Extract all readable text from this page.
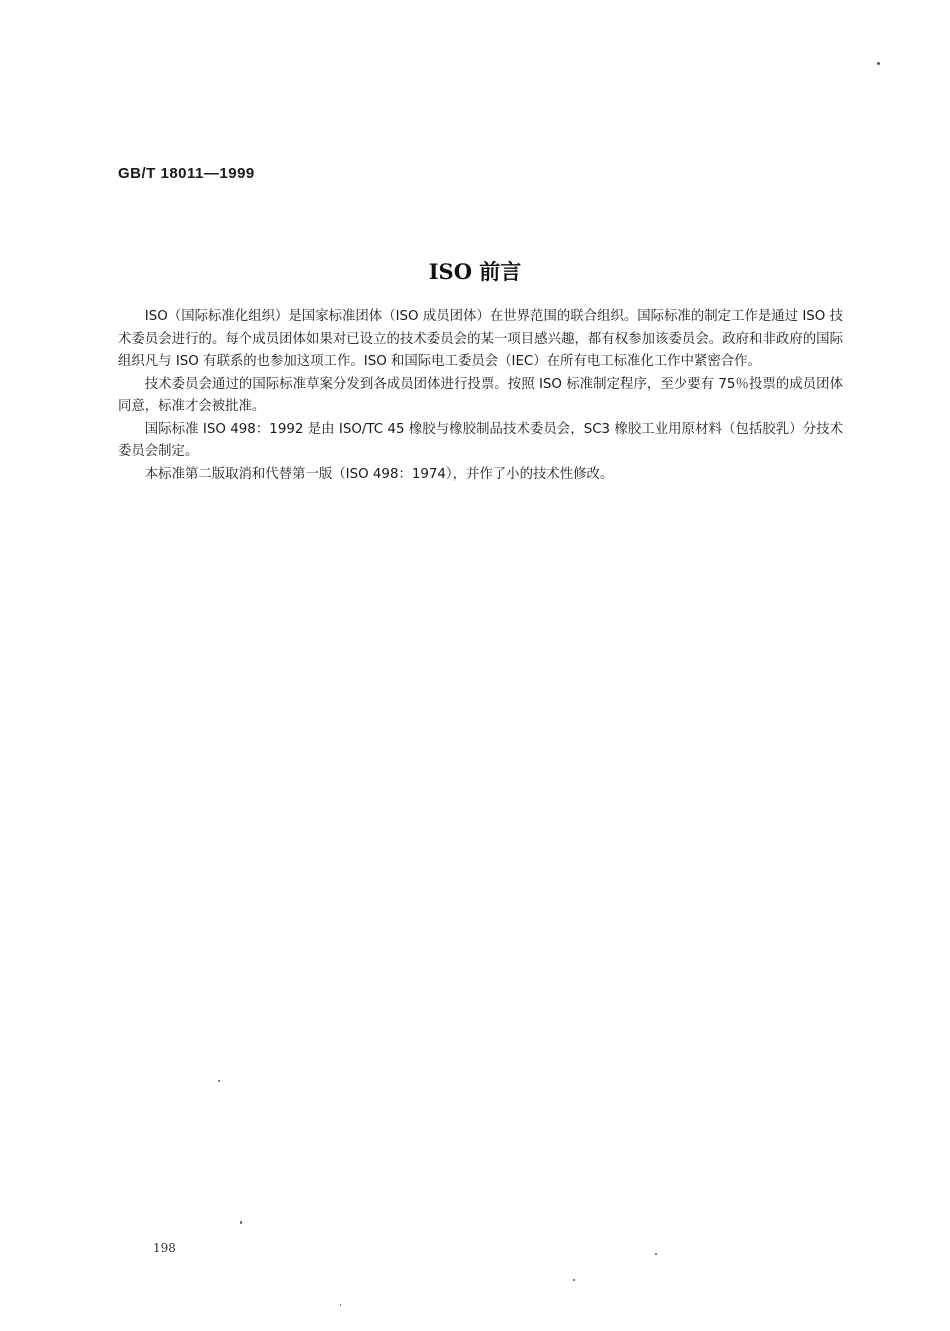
GB/T 18011—1999
ISO 前言

ISO（国际标准化组织）是国家标准团体（ISO 成员团体）在世界范围的联合组织。国际标准的制定工作是通过 ISO 技术委员会进行的。每个成员团体如果对已设立的技术委员会的某一项目感兴趣，都有权参加该委员会。政府和非政府的国际组织凡与 ISO 有联系的也参加这项工作。ISO 和国际电工委员会（IEC）在所有电工标准化工作中紧密合作。

技术委员会通过的国际标准草案分发到各成员团体进行投票。按照 ISO 标准制定程序，至少要有 75％投票的成员团体同意，标准才会被批准。

国际标准 ISO 498：1992 是由 ISO/TC 45 橡胶与橡胶制品技术委员会，SC3 橡胶工业用原材料（包括胶乳）分技术委员会制定。

本标准第二版取消和代替第一版（ISO 498：1974），并作了小的技术性修改。

198
